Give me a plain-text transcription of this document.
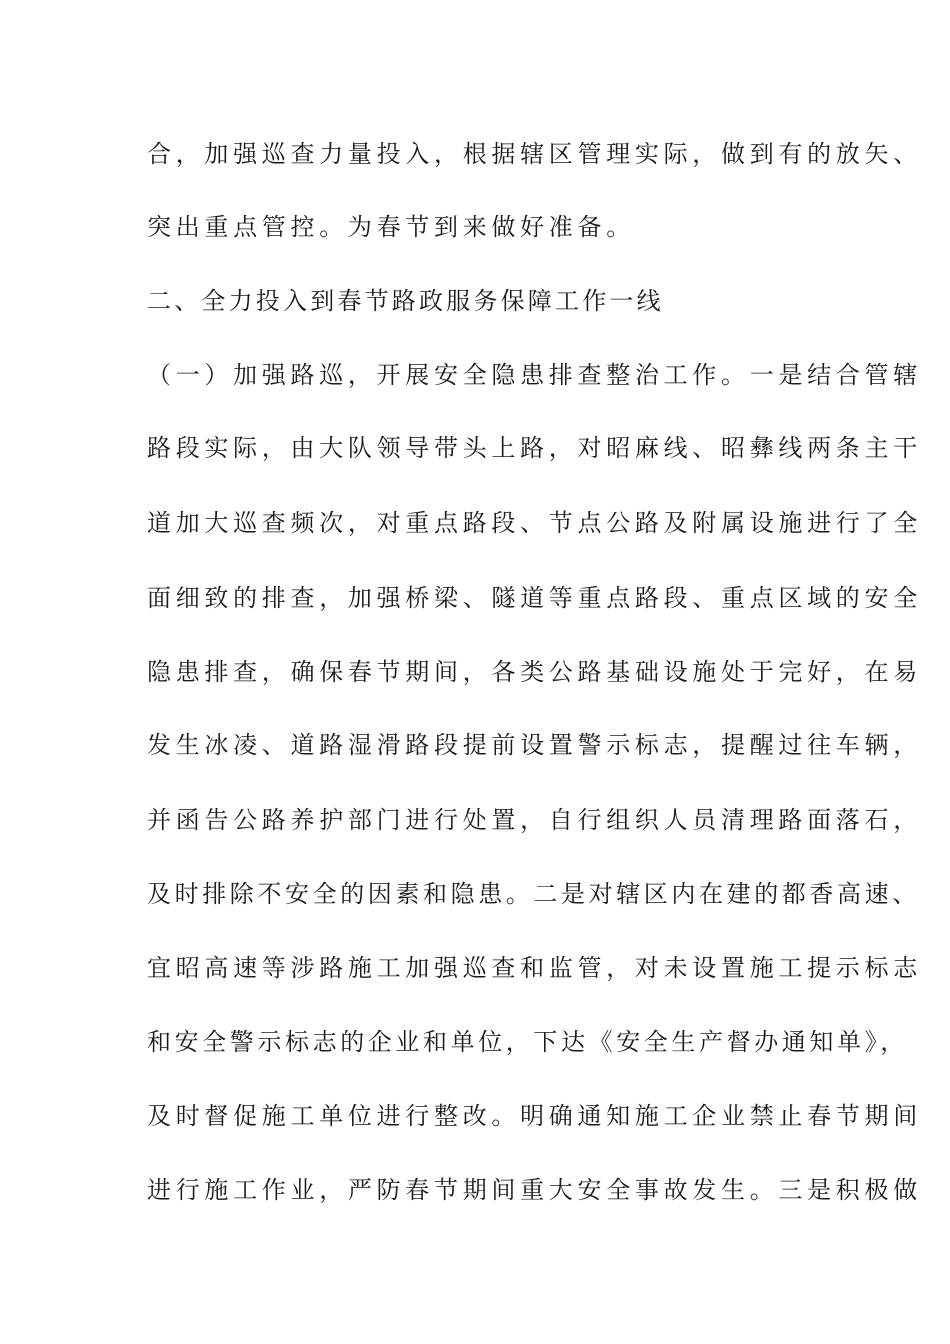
合，加强巡查力量投入，根据辖区管理实际，做到有的放矢、
突出重点管控。为春节到来做好准备。
二、全力投入到春节路政服务保障工作一线
（一）加强路巡，开展安全隐患排查整治工作。一是结合管辖
路段实际，由大队领导带头上路，对昭麻线、昭彝线两条主干
道加大巡查频次，对重点路段、节点公路及附属设施进行了全
面细致的排查，加强桥梁、隧道等重点路段、重点区域的安全
隐患排查，确保春节期间，各类公路基础设施处于完好，在易
发生冰凌、道路湿滑路段提前设置警示标志，提醒过往车辆，
并函告公路养护部门进行处置，自行组织人员清理路面落石，
及时排除不安全的因素和隐患。二是对辖区内在建的都香高速、
宜昭高速等涉路施工加强巡查和监管，对未设置施工提示标志
和安全警示标志的企业和单位，下达《安全生产督办通知单》，
及时督促施工单位进行整改。明确通知施工企业禁止春节期间
进行施工作业，严防春节期间重大安全事故发生。三是积极做
